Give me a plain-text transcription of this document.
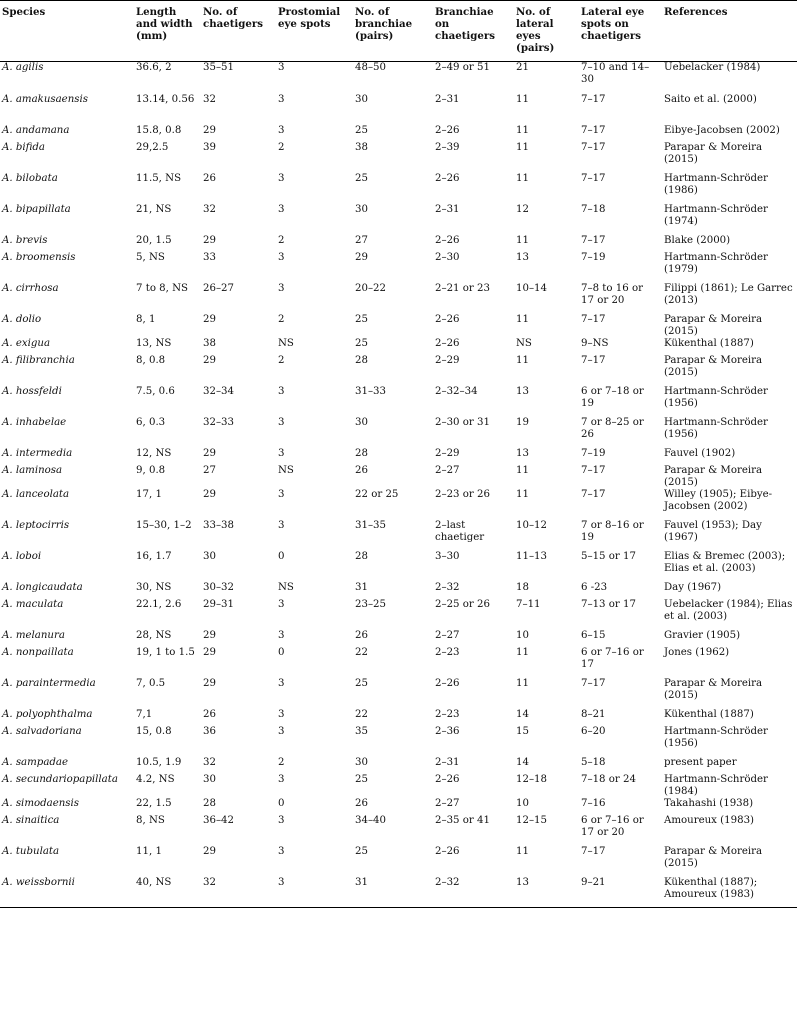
Species	Length and width (mm)	No. of chaetigers	Prostomial eye spots	No. of branchiae (pairs)	Branchiae on chaetigers	No. of lateral eyes (pairs)	Lateral eye spots on chaetigers	References
A. agilis	36.6, 2	35–51	3	48–50	2–49 or 51	21	7–10 and 14–30	Uebelacker (1984)
A. amakusaensis	13.14, 0.56	32	3	30	2–31	11	7–17	Saito et al. (2000)
A. andamana	15.8, 0.8	29	3	25	2–26	11	7–17	Eibye-Jacobsen (2002)
A. bifida	29,2.5	39	2	38	2–39	11	7–17	Parapar & Moreira (2015)
A. bilobata	11.5, NS	26	3	25	2–26	11	7–17	Hartmann-Schröder (1986)
A. bipapillata	21, NS	32	3	30	2–31	12	7–18	Hartmann-Schröder (1974)
A. brevis	20, 1.5	29	2	27	2–26	11	7–17	Blake (2000)
A. broomensis	5, NS	33	3	29	2–30	13	7–19	Hartmann-Schröder (1979)
A. cirrhosa	7 to 8, NS	26–27	3	20–22	2–21 or 23	10–14	7–8 to 16 or 17 or 20	Filippi (1861); Le Garrec (2013)
A. dolio	8, 1	29	2	25	2–26	11	7–17	Parapar & Moreira (2015)
A. exigua	13, NS	38	NS	25	2–26	NS	9–NS	Kükenthal (1887)
A. filibranchia	8, 0.8	29	2	28	2–29	11	7–17	Parapar & Moreira (2015)
A. hossfeldi	7.5, 0.6	32–34	3	31–33	2–32–34	13	6 or 7–18 or 19	Hartmann-Schröder (1956)
A. inhabelae	6, 0.3	32–33	3	30	2–30 or 31	19	7 or 8–25 or 26	Hartmann-Schröder (1956)
A. intermedia	12, NS	29	3	28	2–29	13	7–19	Fauvel (1902)
A. laminosa	9, 0.8	27	NS	26	2–27	11	7–17	Parapar & Moreira (2015)
A. lanceolata	17, 1	29	3	22 or 25	2–23 or 26	11	7–17	Willey (1905); Eibye-Jacobsen (2002)
A. leptocirris	15–30, 1–2	33–38	3	31–35	2–last chaetiger	10–12	7 or 8–16 or 19	Fauvel (1953); Day (1967)
A. loboi	16, 1.7	30	0	28	3–30	11–13	5–15 or 17	Elias & Bremec (2003); Elias et al. (2003)
A. longicaudata	30, NS	30–32	NS	31	2–32	18	6 -23	Day (1967)
A. maculata	22.1, 2.6	29–31	3	23–25	2–25 or 26	7–11	7–13 or 17	Uebelacker (1984); Elias et al. (2003)
A. melanura	28, NS	29	3	26	2–27	10	6–15	Gravier (1905)
A. nonpaillata	19, 1 to 1.5	29	0	22	2–23	11	6 or 7–16 or 17	Jones (1962)
A. paraintermedia	7, 0.5	29	3	25	2–26	11	7–17	Parapar & Moreira (2015)
A. polyophthalma	7,1	26	3	22	2–23	14	8–21	Kükenthal (1887)
A. salvadoriana	15, 0.8	36	3	35	2–36	15	6–20	Hartmann-Schröder (1956)
A. sampadae	10.5, 1.9	32	2	30	2–31	14	5–18	present paper
A. secundariopapillata	4.2, NS	30	3	25	2–26	12–18	7–18 or 24	Hartmann-Schröder (1984)
A. simodaensis	22, 1.5	28	0	26	2–27	10	7–16	Takahashi (1938)
A. sinaitica	8, NS	36–42	3	34–40	2–35 or 41	12–15	6 or 7–16 or 17 or 20	Amoureux (1983)
A. tubulata	11, 1	29	3	25	2–26	11	7–17	Parapar & Moreira (2015)
A. weissbornii	40, NS	32	3	31	2–32	13	9–21	Kükenthal (1887); Amoureux (1983)
